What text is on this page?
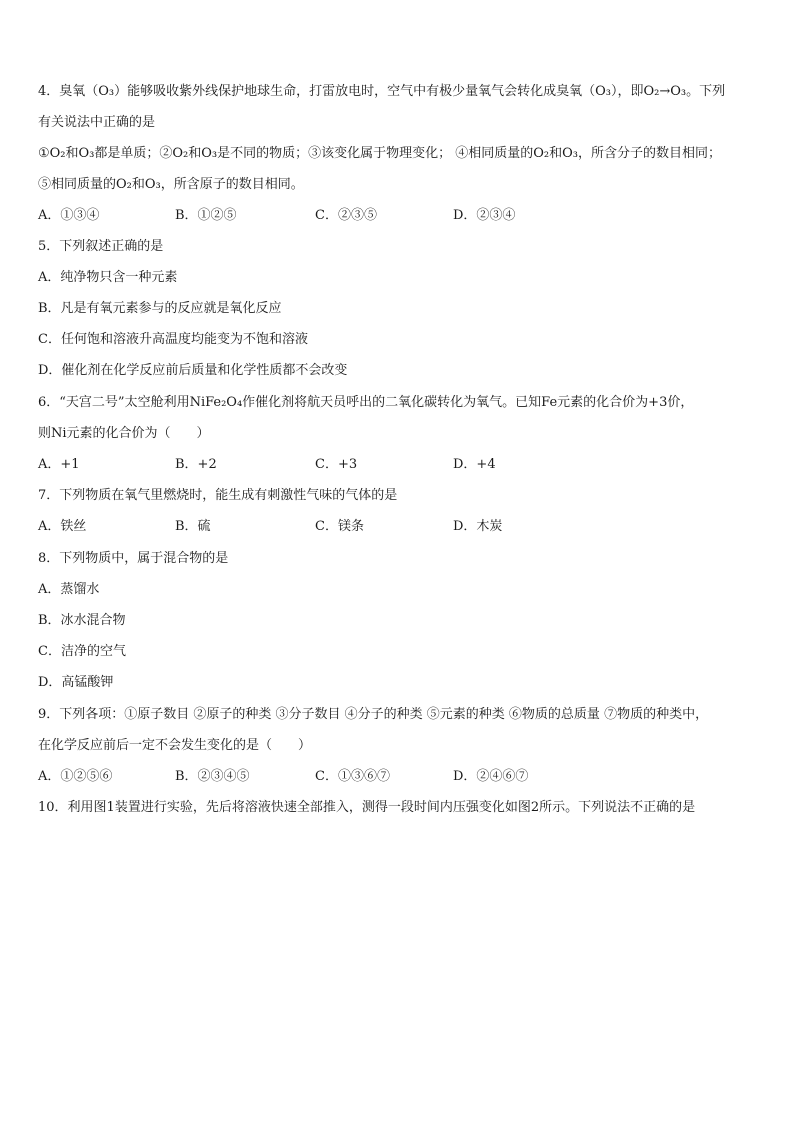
4．臭氧（O₃）能够吸收紫外线保护地球生命，打雷放电时，空气中有极少量氧气会转化成臭氧（O₃），即O₂→O₃。下列
有关说法中正确的是
①O₂和O₃都是单质；②O₂和O₃是不同的物质；③该变化属于物理变化； ④相同质量的O₂和O₃，所含分子的数目相同；
⑤相同质量的O₂和O₃，所含原子的数目相同。
A．①③④	B．①②⑤	C．②③⑤	D．②③④
5．下列叙述正确的是
A．纯净物只含一种元素
B．凡是有氧元素参与的反应就是氧化反应
C．任何饱和溶液升高温度均能变为不饱和溶液
D．催化剂在化学反应前后质量和化学性质都不会改变
6．“天宫二号”太空舱利用NiFe₂O₄作催化剂将航天员呼出的二氧化碳转化为氧气。已知Fe元素的化合价为+3价，
则Ni元素的化合价为（　　）
A．+1	B．+2	C．+3	D．+4
7．下列物质在氧气里燃烧时，能生成有刺激性气味的气体的是
A．铁丝	B．硫	C．镁条	D．木炭
8．下列物质中，属于混合物的是
A．蒸馏水
B．冰水混合物
C．洁净的空气
D．高锰酸钾
9．下列各项：①原子数目 ②原子的种类 ③分子数目 ④分子的种类 ⑤元素的种类 ⑥物质的总质量 ⑦物质的种类中，
在化学反应前后一定不会发生变化的是（　　）
A．①②⑤⑥	B．②③④⑤	C．①③⑥⑦	D．②④⑥⑦
10．利用图1装置进行实验，先后将溶液快速全部推入，测得一段时间内压强变化如图2所示。下列说法不正确的是
